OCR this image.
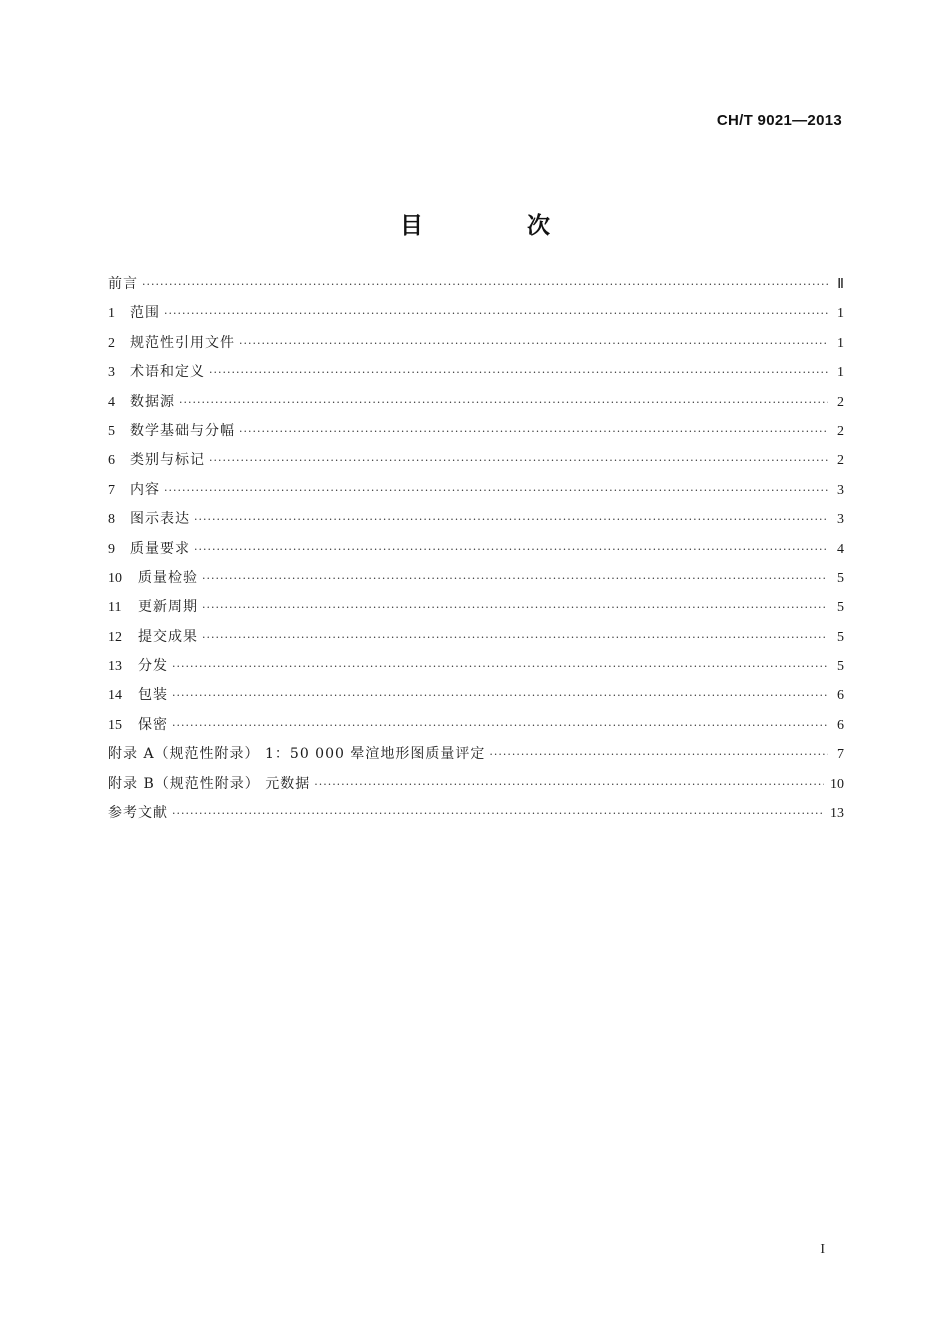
CH/T 9021—2013
目 次
前言 ·····	Ⅱ
1	范围 ·····	1
2	规范性引用文件 ·····	1
3	术语和定义 ·····	1
4	数据源 ·····	2
5	数学基础与分幅 ·····	2
6	类别与标记 ·····	2
7	内容 ·····	3
8	图示表达 ·····	3
9	质量要求 ·····	4
10	质量检验 ·····	5
11	更新周期 ·····	5
12	提交成果 ·····	5
13	分发 ·····	5
14	包装 ·····	6
15	保密 ·····	6
附录 A（规范性附录） 1：50 000 晕渲地形图质量评定 ·····	7
附录 B（规范性附录） 元数据 ·····	10
参考文献 ·····	13
I
